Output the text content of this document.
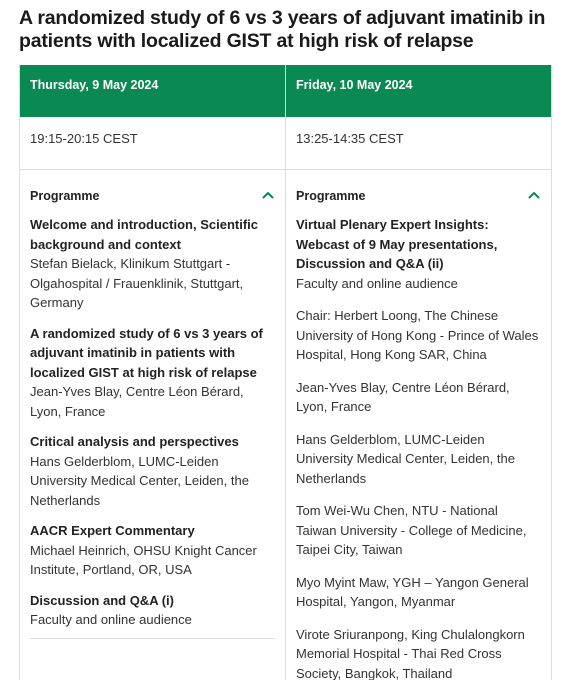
A randomized study of 6 vs 3 years of adjuvant imatinib in patients with localized GIST at high risk of relapse
Thursday, 9 May 2024
19:15-20:15 CEST
Programme
Welcome and introduction, Scientific background and context
Stefan Bielack, Klinikum Stuttgart - Olgahospital / Frauenklinik, Stuttgart, Germany
A randomized study of 6 vs 3 years of adjuvant imatinib in patients with localized GIST at high risk of relapse
Jean-Yves Blay, Centre Léon Bérard, Lyon, France
Critical analysis and perspectives
Hans Gelderblom, LUMC-Leiden University Medical Center, Leiden, the Netherlands
AACR Expert Commentary
Michael Heinrich, OHSU Knight Cancer Institute, Portland, OR, USA
Discussion and Q&A (i)
Faculty and online audience
Friday, 10 May 2024
13:25-14:35 CEST
Programme
Virtual Plenary Expert Insights: Webcast of 9 May presentations, Discussion and Q&A (ii)
Faculty and online audience
Chair: Herbert Loong, The Chinese University of Hong Kong - Prince of Wales Hospital, Hong Kong SAR, China
Jean-Yves Blay, Centre Léon Bérard, Lyon, France
Hans Gelderblom, LUMC-Leiden University Medical Center, Leiden, the Netherlands
Tom Wei-Wu Chen, NTU - National Taiwan University - College of Medicine, Taipei City, Taiwan
Myo Myint Maw, YGH – Yangon General Hospital, Yangon, Myanmar
Virote Sriuranpong, King Chulalongkorn Memorial Hospital - Thai Red Cross Society, Bangkok, Thailand
